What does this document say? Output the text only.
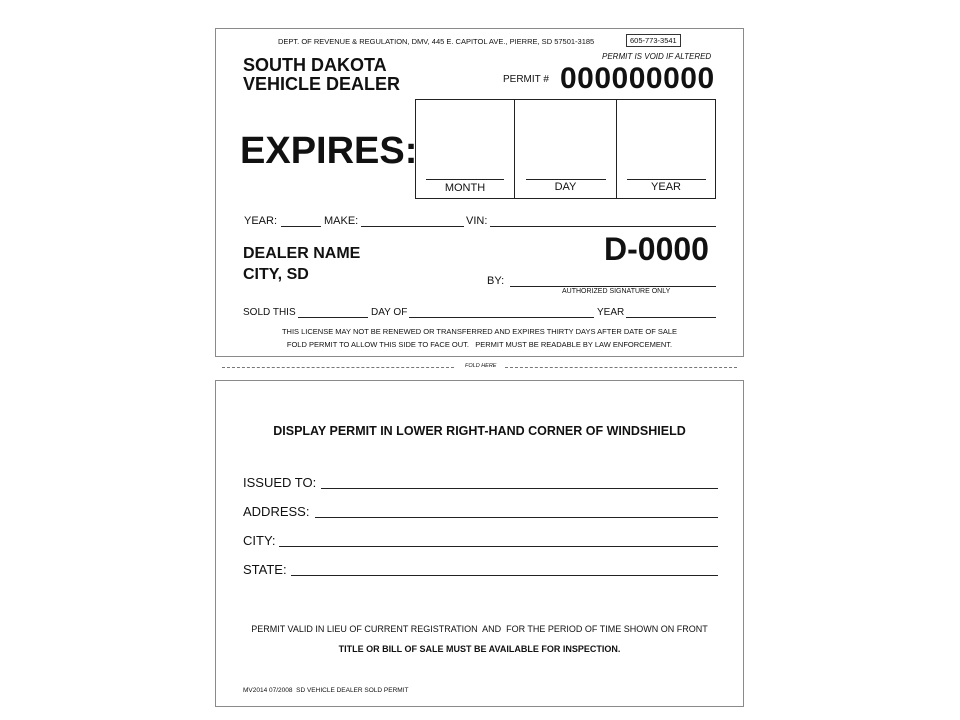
DEPT. OF REVENUE & REGULATION, DMV, 445 E. CAPITOL AVE., PIERRE, SD 57501-3185	605-773-3541
PERMIT IS VOID IF ALTERED
SOUTH DAKOTA
VEHICLE DEALER	PERMIT # 000000000
EXPIRES:
MONTH	DAY	YEAR
YEAR:	MAKE:	VIN:
DEALER NAME
CITY, SD
D-0000
BY:
AUTHORIZED SIGNATURE ONLY
SOLD THIS	DAY OF	YEAR
THIS LICENSE MAY NOT BE RENEWED OR TRANSFERRED AND EXPIRES THIRTY DAYS AFTER DATE OF SALE
FOLD PERMIT TO ALLOW THIS SIDE TO FACE OUT.   PERMIT MUST BE READABLE BY LAW ENFORCEMENT.
FOLD HERE
DISPLAY PERMIT IN LOWER RIGHT-HAND CORNER OF WINDSHIELD
ISSUED TO:
ADDRESS:
CITY:
STATE:
PERMIT VALID IN LIEU OF CURRENT REGISTRATION  AND  FOR THE PERIOD OF TIME SHOWN ON FRONT
TITLE OR BILL OF SALE MUST BE AVAILABLE FOR INSPECTION.
MV2014 07/2008  SD VEHICLE DEALER SOLD PERMIT
